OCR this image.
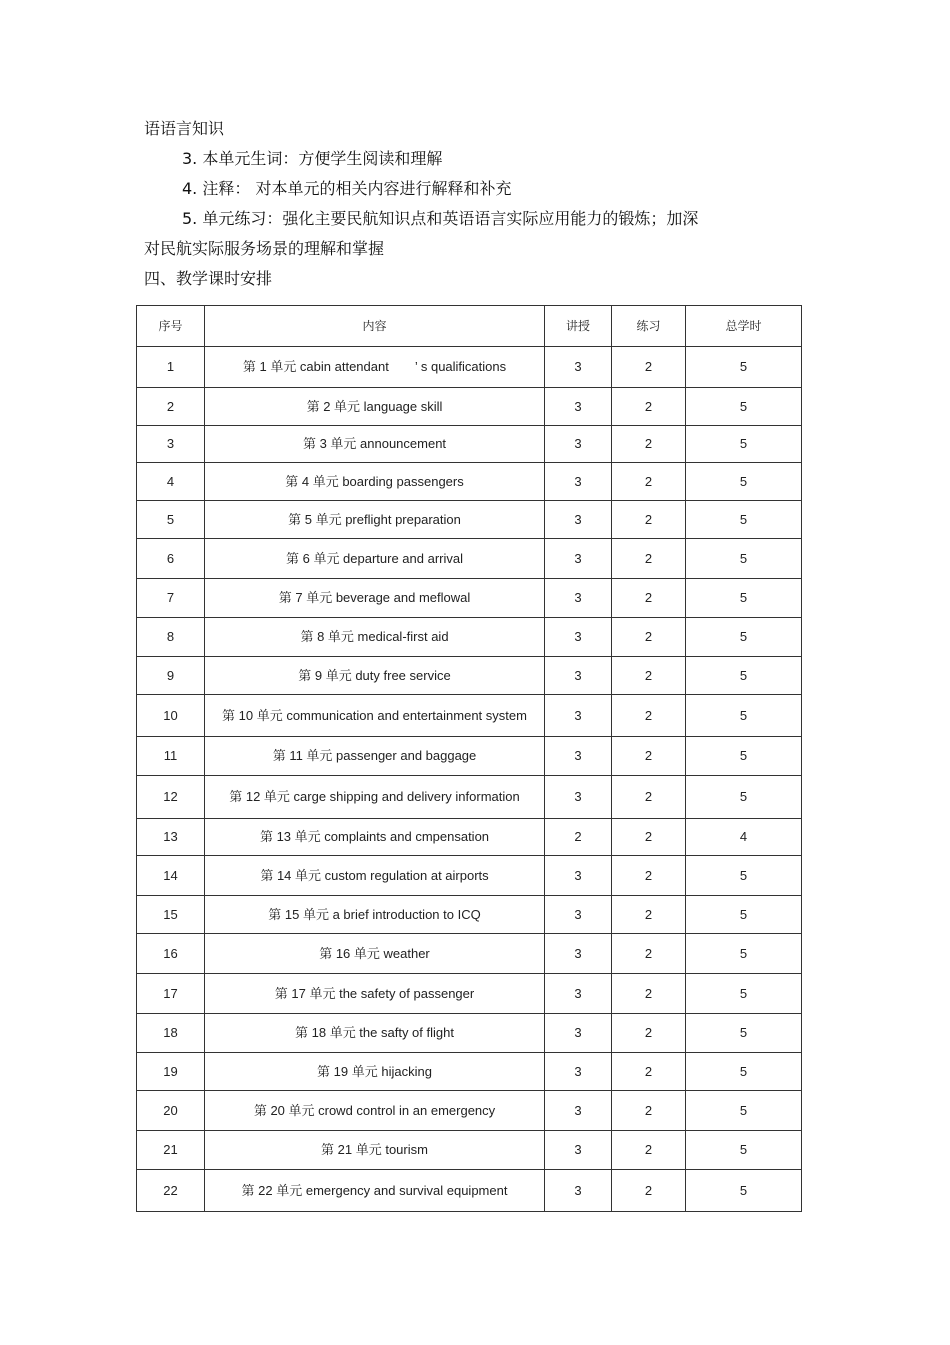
语语言知识

3. 本单元生词：方便学生阅读和理解

4. 注释： 对本单元的相关内容进行解释和补充

5. 单元练习：强化主要民航知识点和英语语言实际应用能力的锻炼；加深

对民航实际服务场景的理解和掌握

四、教学课时安排

序号	内容	讲授	练习	总学时
1	第 1 单元 cabin attendant　　’ s qualifications	3	2	5
2	第 2 单元 language skill	3	2	5
3	第 3 单元 announcement	3	2	5
4	第 4 单元 boarding passengers	3	2	5
5	第 5 单元 preflight preparation	3	2	5
6	第 6 单元 departure and arrival	3	2	5
7	第 7 单元 beverage and meflowal	3	2	5
8	第 8 单元 medical-first aid	3	2	5
9	第 9 单元 duty free service	3	2	5
10	第 10 单元 communication and entertainment system	3	2	5
11	第 11 单元 passenger and baggage	3	2	5
12	第 12 单元 carge shipping and delivery information	3	2	5
13	第 13 单元 complaints and cmpensation	2	2	4
14	第 14 单元 custom regulation at airports	3	2	5
15	第 15 单元 a brief introduction to ICQ	3	2	5
16	第 16 单元 weather	3	2	5
17	第 17 单元 the safety of passenger	3	2	5
18	第 18 单元 the safty of flight	3	2	5
19	第 19 单元 hijacking	3	2	5
20	第 20 单元 crowd control in an emergency	3	2	5
21	第 21 单元 tourism	3	2	5
22	第 22 单元 emergency and survival equipment	3	2	5
